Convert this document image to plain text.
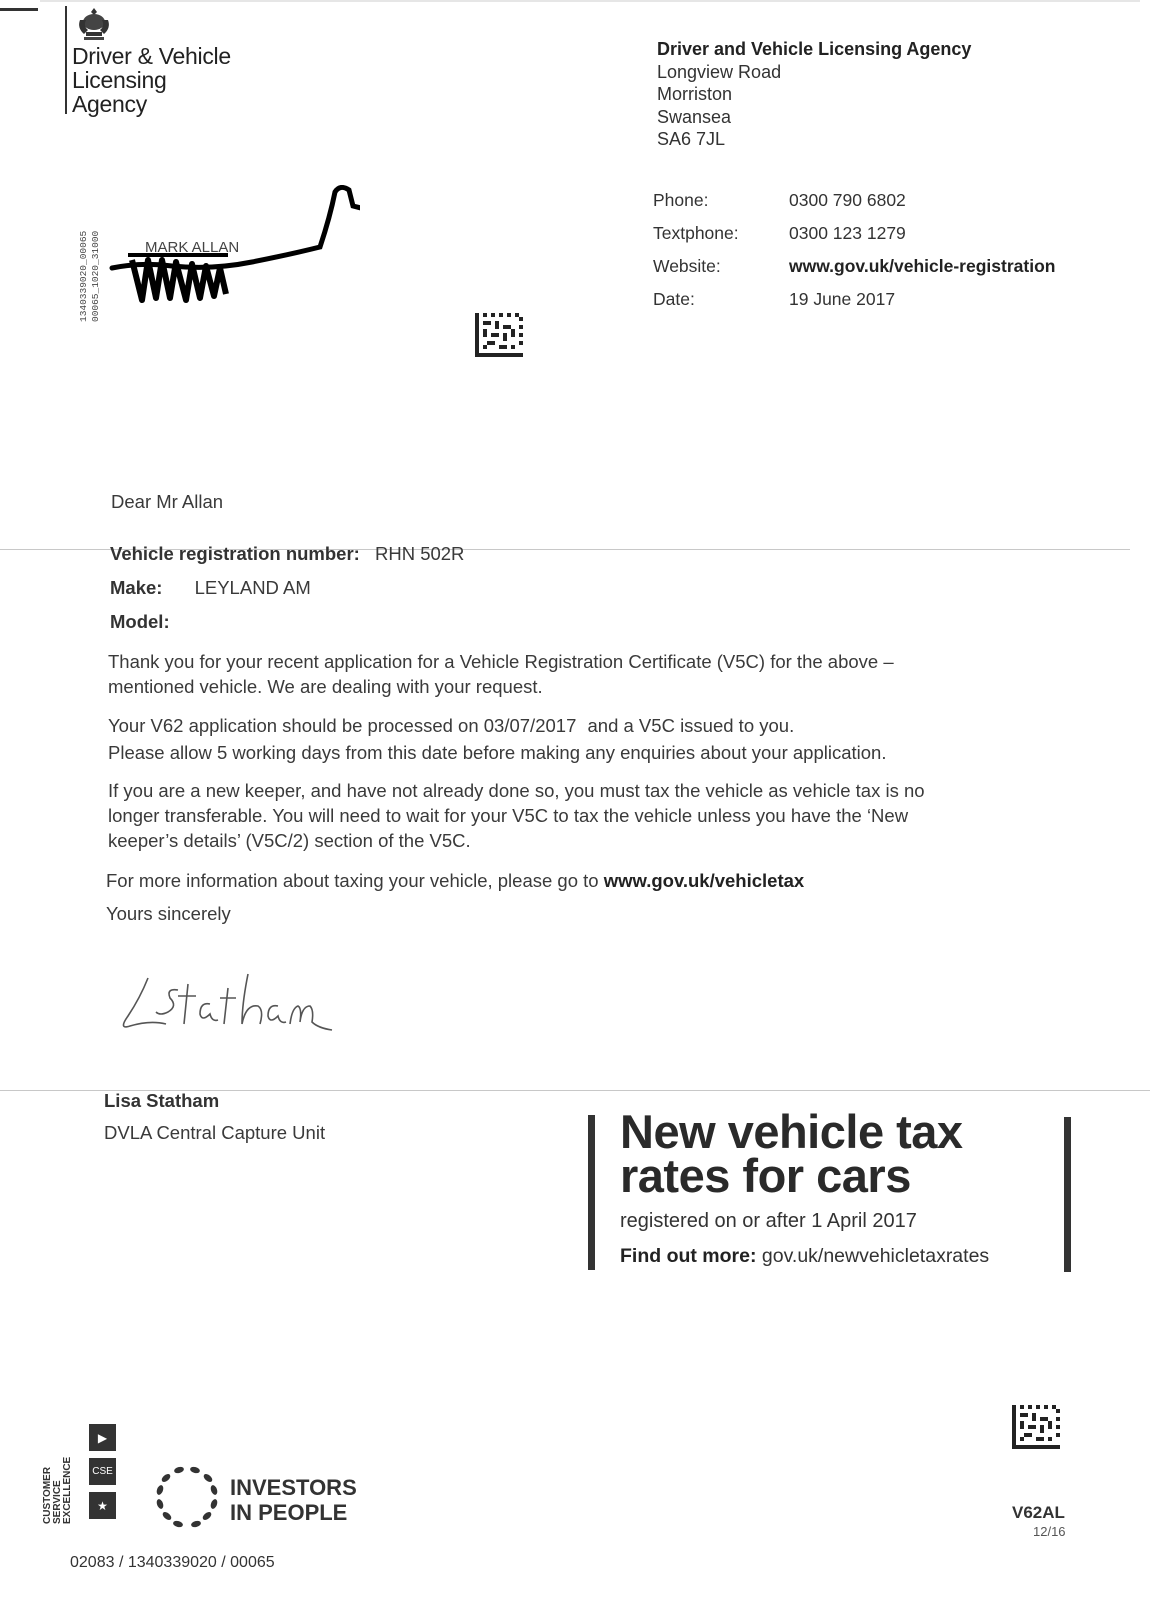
Driver & Vehicle
Licensing
Agency
Driver and Vehicle Licensing Agency
Longview Road
Morriston
Swansea
SA6 7JL
Phone:	0300 790 6802
Textphone:	0300 123 1279
Website:	www.gov.uk/vehicle-registration
Date:	19 June 2017
1340339020_00065 00065_1020_31000	MARK ALLAN
Dear Mr Allan
Vehicle registration number: RHN 502R
Make: LEYLAND AM
Model:

Thank you for your recent application for a Vehicle Registration Certificate (V5C) for the above –

mentioned vehicle. We are dealing with your request.

Your V62 application should be processed on 03/07/2017 and a V5C issued to you.

Please allow 5 working days from this date before making any enquiries about your application.

If you are a new keeper, and have not already done so, you must tax the vehicle as vehicle tax is no

longer transferable. You will need to wait for your V5C to tax the vehicle unless you have the ‘New

keeper’s details’ (V5C/2) section of the V5C.

For more information about taxing your vehicle, please go to www.gov.uk/vehicletax
Yours sincerely
Lisa Statham
DVLA Central Capture Unit	New vehicle tax
rates for cars
registered on or after 1 April 2017
Find out more: gov.uk/newvehicletaxrates
CUSTOMER SERVICE EXCELLENCE
▶
CSE
★
INVESTORS
IN PEOPLE
02083 / 1340339020 / 00065
V62AL
12/16
